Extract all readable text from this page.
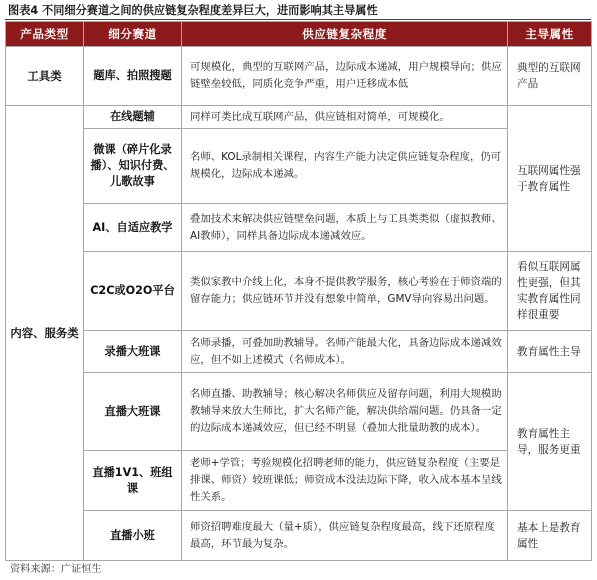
图表4 不同细分赛道之间的供应链复杂程度差异巨大，进而影响其主导属性
产品类型	细分赛道	供应链复杂程度	主导属性
工具类	题库、拍照搜题	可规模化，典型的互联网产品，边际成本递减，用户规模导向；供应链壁垒较低，同质化竞争严重，用户迁移成本低	典型的互联网产品
内容、服务类	在线题辅	同样可类比成互联网产品，供应链相对简单，可规模化。	互联网属性强于教育属性
	微课（碎片化录播）、知识付费、儿歌故事	名师、KOL录制相关课程，内容生产能力决定供应链复杂程度，仍可规模化，边际成本递减。	
	AI、自适应教学	叠加技术来解决供应链壁垒问题，本质上与工具类类似（虚拟教师、AI教师），同样具备边际成本递减效应。	
	C2C或O2O平台	类似家教中介线上化，本身不提供教学服务，核心考验在于师资端的留存能力；供应链环节并没有想象中简单，GMV导向容易出问题。	看似互联网属性更强，但其实教育属性同样很重要
	录播大班课	名师录播，可叠加助教辅导。名师产能最大化，具备边际成本递减效应，但不如上述模式（名师成本）。	教育属性主导
	直播大班课	名师直播、助教辅导；核心解决名师供应及留存问题，利用大规模助教辅导来放大生师比，扩大名师产能，解决供给端问题。仍具备一定的边际成本递减效应，但已经不明显（叠加大批量助教的成本）。	教育属性主导，服务更重
	直播1V1、班组课	老师+学管；考验规模化招聘老师的能力，供应链复杂程度（主要是排课、师资）较班课低；师资成本没法边际下降，收入成本基本呈线性关系。	
	直播小班	师资招聘难度最大（量+质），供应链复杂程度最高，线下还原程度最高，环节最为复杂。	基本上是教育属性
资料来源：广证恒生
